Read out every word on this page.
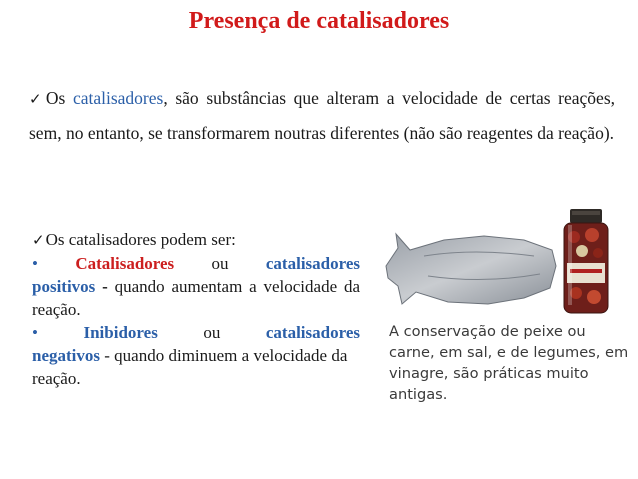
Presença de catalisadores
✓Os catalisadores, são substâncias que alteram a velocidade de certas reações, sem, no entanto, se transformarem noutras diferentes (não são reagentes da reação).
✓Os catalisadores podem ser:
• Catalisadores ou catalisadores
positivos - quando aumentam a velocidade da reação.
•	Inibidores	ou	catalisadores
negativos - quando diminuem a velocidade da reação.
A conservação de peixe ou carne, em sal, e de legumes, em vinagre, são práticas muito antigas.
